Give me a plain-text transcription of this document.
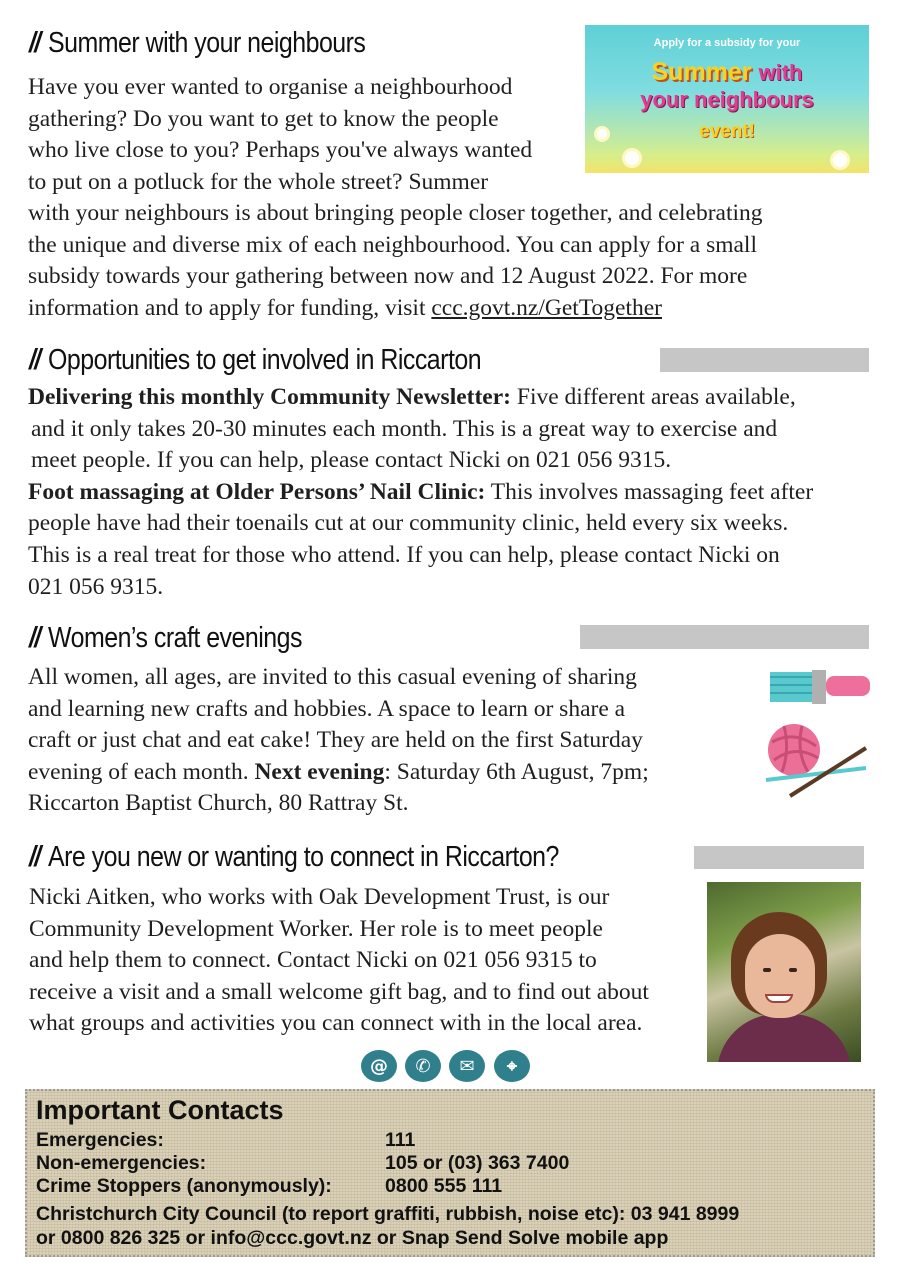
// Summer with your neighbours	Apply for a subsidy for your
Summer with
your neighbours
event!
Have you ever wanted to organise a neighbourhood
gathering? Do you want to get to know the people
who live close to you? Perhaps you've always wanted
to put on a potluck for the whole street? Summer
with your neighbours is about bringing people closer together, and celebrating
the unique and diverse mix of each neighbourhood. You can apply for a small
subsidy towards your gathering between now and 12 August 2022. For more
information and to apply for funding, visit ccc.govt.nz/GetTogether
// Opportunities to get involved in Riccarton
Delivering this monthly Community Newsletter: Five different areas available,
and it only takes 20-30 minutes each month. This is a great way to exercise and
meet people. If you can help, please contact Nicki on 021 056 9315.
Foot massaging at Older Persons’ Nail Clinic: This involves massaging feet after
people have had their toenails cut at our community clinic, held every six weeks.
This is a real treat for those who attend. If you can help, please contact Nicki on
021 056 9315.
// Women’s craft evenings
All women, all ages, are invited to this casual evening of sharing
and learning new crafts and hobbies. A space to learn or share a
craft or just chat and eat cake! They are held on the first Saturday
evening of each month. Next evening: Saturday 6th August, 7pm;
Riccarton Baptist Church, 80 Rattray St.
// Are you new or wanting to connect in Riccarton?
Nicki Aitken, who works with Oak Development Trust, is our
Community Development Worker. Her role is to meet people
and help them to connect. Contact Nicki on 021 056 9315 to
receive a visit and a small welcome gift bag, and to find out about
what groups and activities you can connect with in the local area.
@	✆	✉	⌖
Important Contacts
Emergencies:	111
Non-emergencies:	105 or (03) 363 7400
Crime Stoppers (anonymously):	0800 555 111
Christchurch City Council (to report graffiti, rubbish, noise etc): 03 941 8999
or 0800 826 325 or info@ccc.govt.nz or Snap Send Solve mobile app
